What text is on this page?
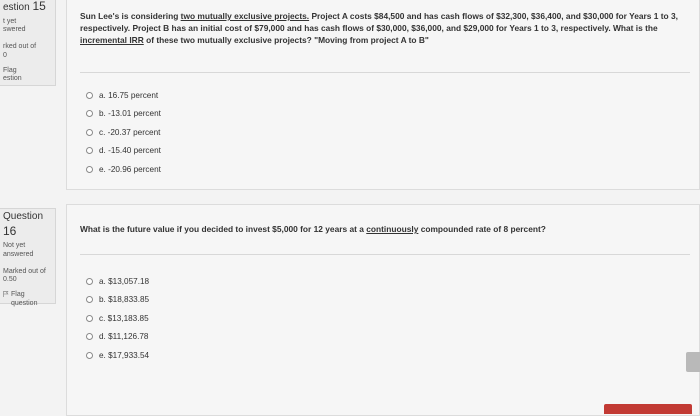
estion 15
t yet
swered
rked out of
0
Flag
estion
Sun Lee's is considering two mutually exclusive projects. Project A costs $84,500 and has cash flows of $32,300, $36,400, and $30,000 for Years 1 to 3, respectively. Project B has an initial cost of $79,000 and has cash flows of $30,000, $36,000, and $29,000 for Years 1 to 3, respectively. What is the incremental IRR of these two mutually exclusive projects? "Moving from project A to B"
a. 16.75 percent
b. -13.01 percent
c. -20.37 percent
d. -15.40 percent
e. -20.96 percent
Question 16
Not yet
answered
Marked out of
0.50
Flag
question
What is the future value if you decided to invest $5,000 for 12 years at a continuously compounded rate of 8 percent?
a. $13,057.18
b. $18,833.85
c. $13,183.85
d. $11,126.78
e. $17,933.54
